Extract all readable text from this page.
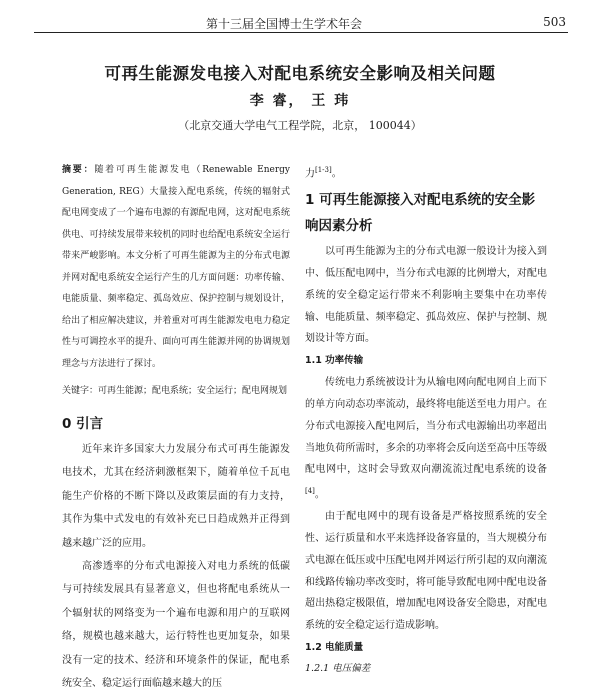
第十三届全国博士生学术年会	503
可再生能源发电接入对配电系统安全影响及相关问题
李 睿， 王 玮
（北京交通大学电气工程学院，北京， 100044）

摘要：随着可再生能源发电（Renewable Energy Generation, REG）大量接入配电系统，传统的辐射式配电网变成了一个遍布电源的有源配电网，这对配电系统供电、可持续发展带来较机的同时也给配电系统安全运行带来严峻影响。本文分析了可再生能源为主的分布式电源并网对配电系统安全运行产生的几方面问题：功率传输、电能质量、频率稳定、孤岛效应、保护控制与规划设计，给出了相应解决建议，并着重对可再生能源发电电力稳定性与可调控水平的提升、面向可再生能源并网的协调规划理念与方法进行了探讨。

关键字：可再生能源；配电系统；安全运行；配电网规划

0 引言

近年来许多国家大力发展分布式可再生能源发电技术，尤其在经济刺激框架下，随着单位千瓦电能生产价格的不断下降以及政策层面的有力支持，其作为集中式发电的有效补充已日趋成熟并正得到越来越广泛的应用。

高渗透率的分布式电源接入对电力系统的低碳与可持续发展具有显著意义，但也将配电系统从一个辐射状的网络变为一个遍布电源和用户的互联网络，规模也越来越大，运行特性也更加复杂，如果没有一定的技术、经济和环境条件的保证，配电系统安全、稳定运行面临越来越大的压

力[1-3]。

1 可再生能源接入对配电系统的安全影响因素分析

以可再生能源为主的分布式电源一般设计为接入到中、低压配电网中，当分布式电源的比例增大，对配电系统的安全稳定运行带来不利影响主要集中在功率传输、电能质量、频率稳定、孤岛效应、保护与控制、规划设计等方面。

1.1 功率传输

传统电力系统被设计为从输电网向配电网自上而下的单方向动态功率流动，最终将电能送至电力用户。在分布式电源接入配电网后，当分布式电源输出功率超出当地负荷所需时，多余的功率将会反向送至高中压等级配电网中，这时会导致双向潮流流过配电系统的设备[4]。

由于配电网中的现有设备是严格按照系统的安全性、运行质量和水平来选择设备容量的，当大规模分布式电源在低压或中压配电网并网运行所引起的双向潮流和线路传输功率改变时，将可能导致配电网中配电设备超出热稳定极限值，增加配电网设备安全隐患，对配电系统的安全稳定运行造成影响。

1.2 电能质量
1.2.1 电压偏差
